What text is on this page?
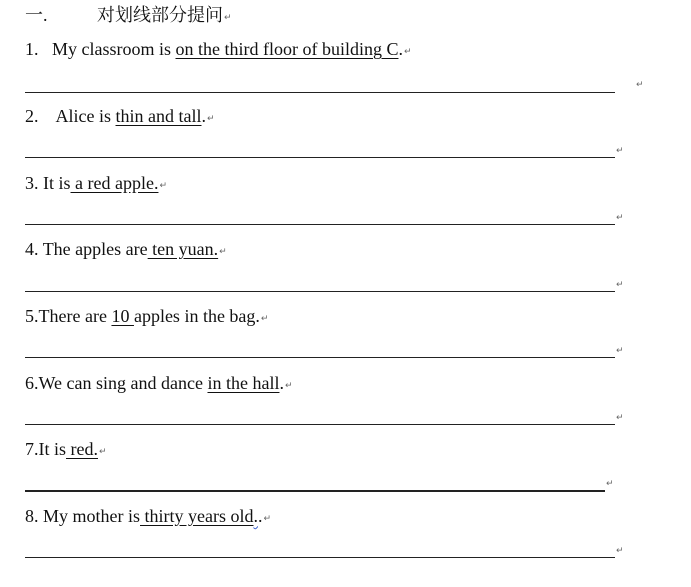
一.	对划线部分提问↵
1. My classroom is on the third floor of building C.↵
↵
2. Alice is thin and tall.↵
↵
3. It is a red apple.↵
↵
4. The apples are ten yuan.↵
↵
5.There are 10 apples in the bag.↵
↵
6.We can sing and dance in the hall.↵
↵
7.It is red.↵
↵
8. My mother is thirty years old..↵
↵
